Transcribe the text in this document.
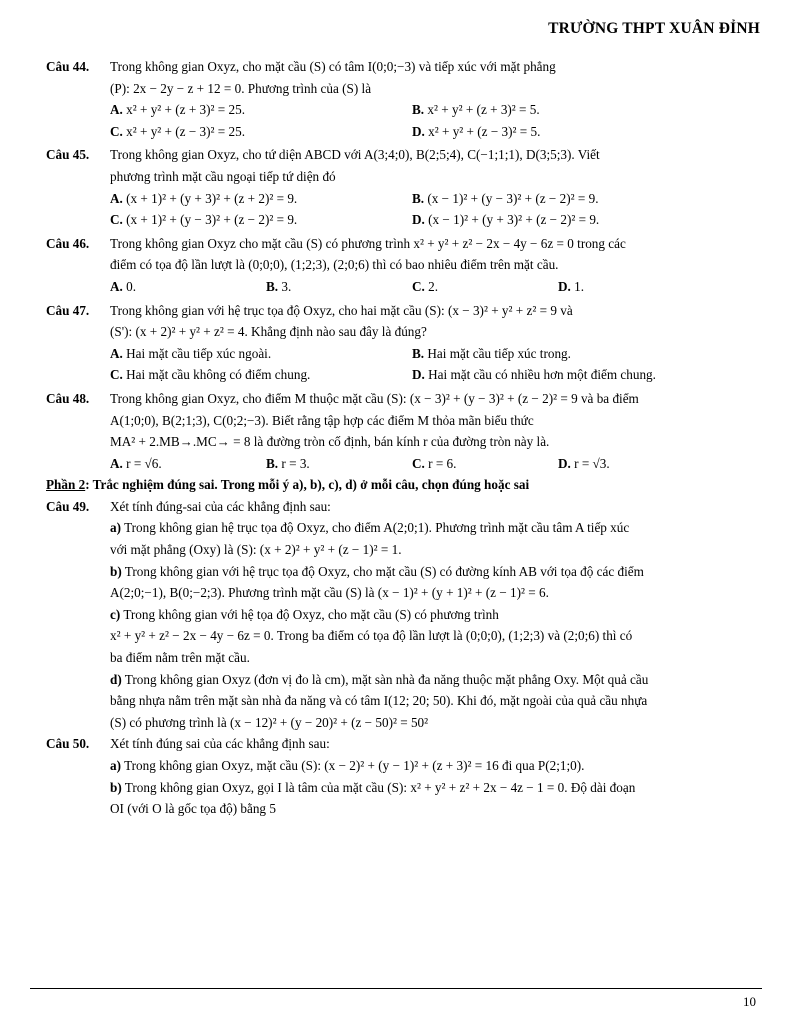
TRƯỜNG THPT XUÂN ĐỈNH
Câu 44.	Trong không gian Oxyz, cho mặt cầu (S) có tâm I(0;0;−3) và tiếp xúc với mặt phẳng
(P): 2x − 2y − z + 12 = 0. Phương trình của (S) là
A. x² + y² + (z + 3)² = 25.	B. x² + y² + (z + 3)² = 5.
C. x² + y² + (z − 3)² = 25.	D. x² + y² + (z − 3)² = 5.
Câu 45.	Trong không gian Oxyz, cho tứ diện ABCD với A(3;4;0), B(2;5;4), C(−1;1;1), D(3;5;3). Viết
phương trình mặt cầu ngoại tiếp tứ diện đó
A. (x + 1)² + (y + 3)² + (z + 2)² = 9.	B. (x − 1)² + (y − 3)² + (z − 2)² = 9.
C. (x + 1)² + (y − 3)² + (z − 2)² = 9.	D. (x − 1)² + (y + 3)² + (z − 2)² = 9.
Câu 46.	Trong không gian Oxyz cho mặt cầu (S) có phương trình x² + y² + z² − 2x − 4y − 6z = 0 trong các
điểm có tọa độ lần lượt là (0;0;0), (1;2;3), (2;0;6) thì có bao nhiêu điểm trên mặt cầu.
A. 0.	B. 3.	C. 2.	D. 1.
Câu 47.	Trong không gian với hệ trục tọa độ Oxyz, cho hai mặt cầu (S): (x − 3)² + y² + z² = 9 và
(S'): (x + 2)² + y² + z² = 4. Khẳng định nào sau đây là đúng?
A. Hai mặt cầu tiếp xúc ngoài.	B. Hai mặt cầu tiếp xúc trong.
C. Hai mặt cầu không có điểm chung.	D. Hai mặt cầu có nhiều hơn một điểm chung.
Câu 48.	Trong không gian Oxyz, cho điểm M thuộc mặt cầu (S): (x − 3)² + (y − 3)² + (z − 2)² = 9 và ba điểm
A(1;0;0), B(2;1;3), C(0;2;−3). Biết rằng tập hợp các điểm M thỏa mãn biểu thức
MA² + 2.MB→.MC→ = 8 là đường tròn cố định, bán kính r của đường tròn này là.
A. r = √6.	B. r = 3.	C. r = 6.	D. r = √3.
Phần 2: Trắc nghiệm đúng sai. Trong mỗi ý a), b), c), d) ở mỗi câu, chọn đúng hoặc sai
Câu 49.	Xét tính đúng-sai của các khẳng định sau:
a) Trong không gian hệ trục tọa độ Oxyz, cho điểm A(2;0;1). Phương trình mặt cầu tâm A tiếp xúc
với mặt phẳng (Oxy) là (S): (x + 2)² + y² + (z − 1)² = 1.
b) Trong không gian với hệ trục tọa độ Oxyz, cho mặt cầu (S) có đường kính AB với tọa độ các điểm
A(2;0;−1), B(0;−2;3). Phương trình mặt cầu (S) là (x − 1)² + (y + 1)² + (z − 1)² = 6.
c) Trong không gian với hệ tọa độ Oxyz, cho mặt cầu (S) có phương trình
x² + y² + z² − 2x − 4y − 6z = 0. Trong ba điểm có tọa độ lần lượt là (0;0;0), (1;2;3) và (2;0;6) thì có
ba điểm nằm trên mặt cầu.
d) Trong không gian Oxyz (đơn vị đo là cm), mặt sàn nhà đa năng thuộc mặt phẳng Oxy. Một quả cầu
bằng nhựa nằm trên mặt sàn nhà đa năng và có tâm I(12; 20; 50). Khi đó, mặt ngoài của quả cầu nhựa
(S) có phương trình là (x − 12)² + (y − 20)² + (z − 50)² = 50²
Câu 50.	Xét tính đúng sai của các khẳng định sau:
a) Trong không gian Oxyz, mặt cầu (S): (x − 2)² + (y − 1)² + (z + 3)² = 16 đi qua P(2;1;0).
b) Trong không gian Oxyz, gọi I là tâm của mặt cầu (S): x² + y² + z² + 2x − 4z − 1 = 0. Độ dài đoạn
OI (với O là gốc tọa độ) bằng 5
10
